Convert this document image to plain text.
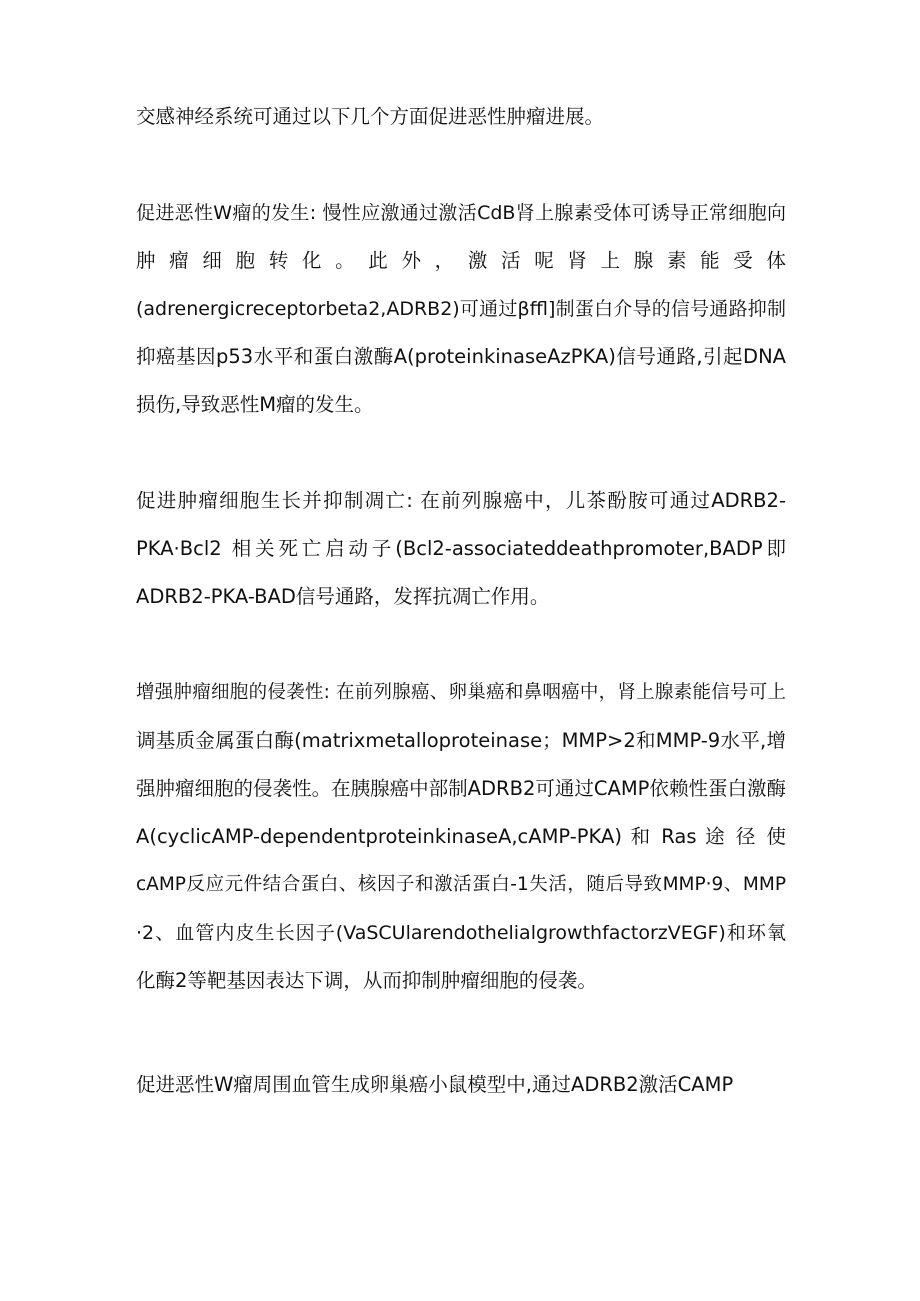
交感神经系统可通过以下几个方面促进恶性肿瘤进展。
促进恶性W瘤的发生: 慢性应激通过激活CdB肾上腺素受体可诱导正常细胞向
肿 瘤 细 胞 转 化 。 此 外 ， 激 活 呢 肾 上 腺 素 能 受 体
(adrenergicreceptorbeta2,ADRB2)可通过βffl]制蛋白介导的信号通路抑制
抑癌基因p53水平和蛋白激酶A(proteinkinaseAzPKA)信号通路,引起DNA
损伤,导致恶性M瘤的发生。
促进肿瘤细胞生长并抑制凋亡: 在前列腺癌中，儿茶酚胺可通过ADRB2-
PKA·Bcl2 相关死亡启动子(Bcl2-associateddeathpromoter,BADP即
ADRB2-PKA-BAD信号通路，发挥抗凋亡作用。
增强肿瘤细胞的侵袭性: 在前列腺癌、卵巢癌和鼻咽癌中，肾上腺素能信号可上
调基质金属蛋白酶(matrixmetalloproteinase；MMP>2和MMP-9水平,增
强肿瘤细胞的侵袭性。在胰腺癌中部制ADRB2可通过CAMP依赖性蛋白激酶
A(cyclicAMP-dependentproteinkinaseA,cAMP-PKA) 和 Ras 途 径 使
cAMP反应元件结合蛋白、核因子和激活蛋白-1失活，随后导致MMP·9、MMP
·2、血管内皮生长因子(VaSCUlarendothelialgrowthfactorzVEGF)和环氧
化酶2等靶基因表达下调，从而抑制肿瘤细胞的侵袭。
促进恶性W瘤周围血管生成卵巢癌小鼠模型中,通过ADRB2激活CAMP
